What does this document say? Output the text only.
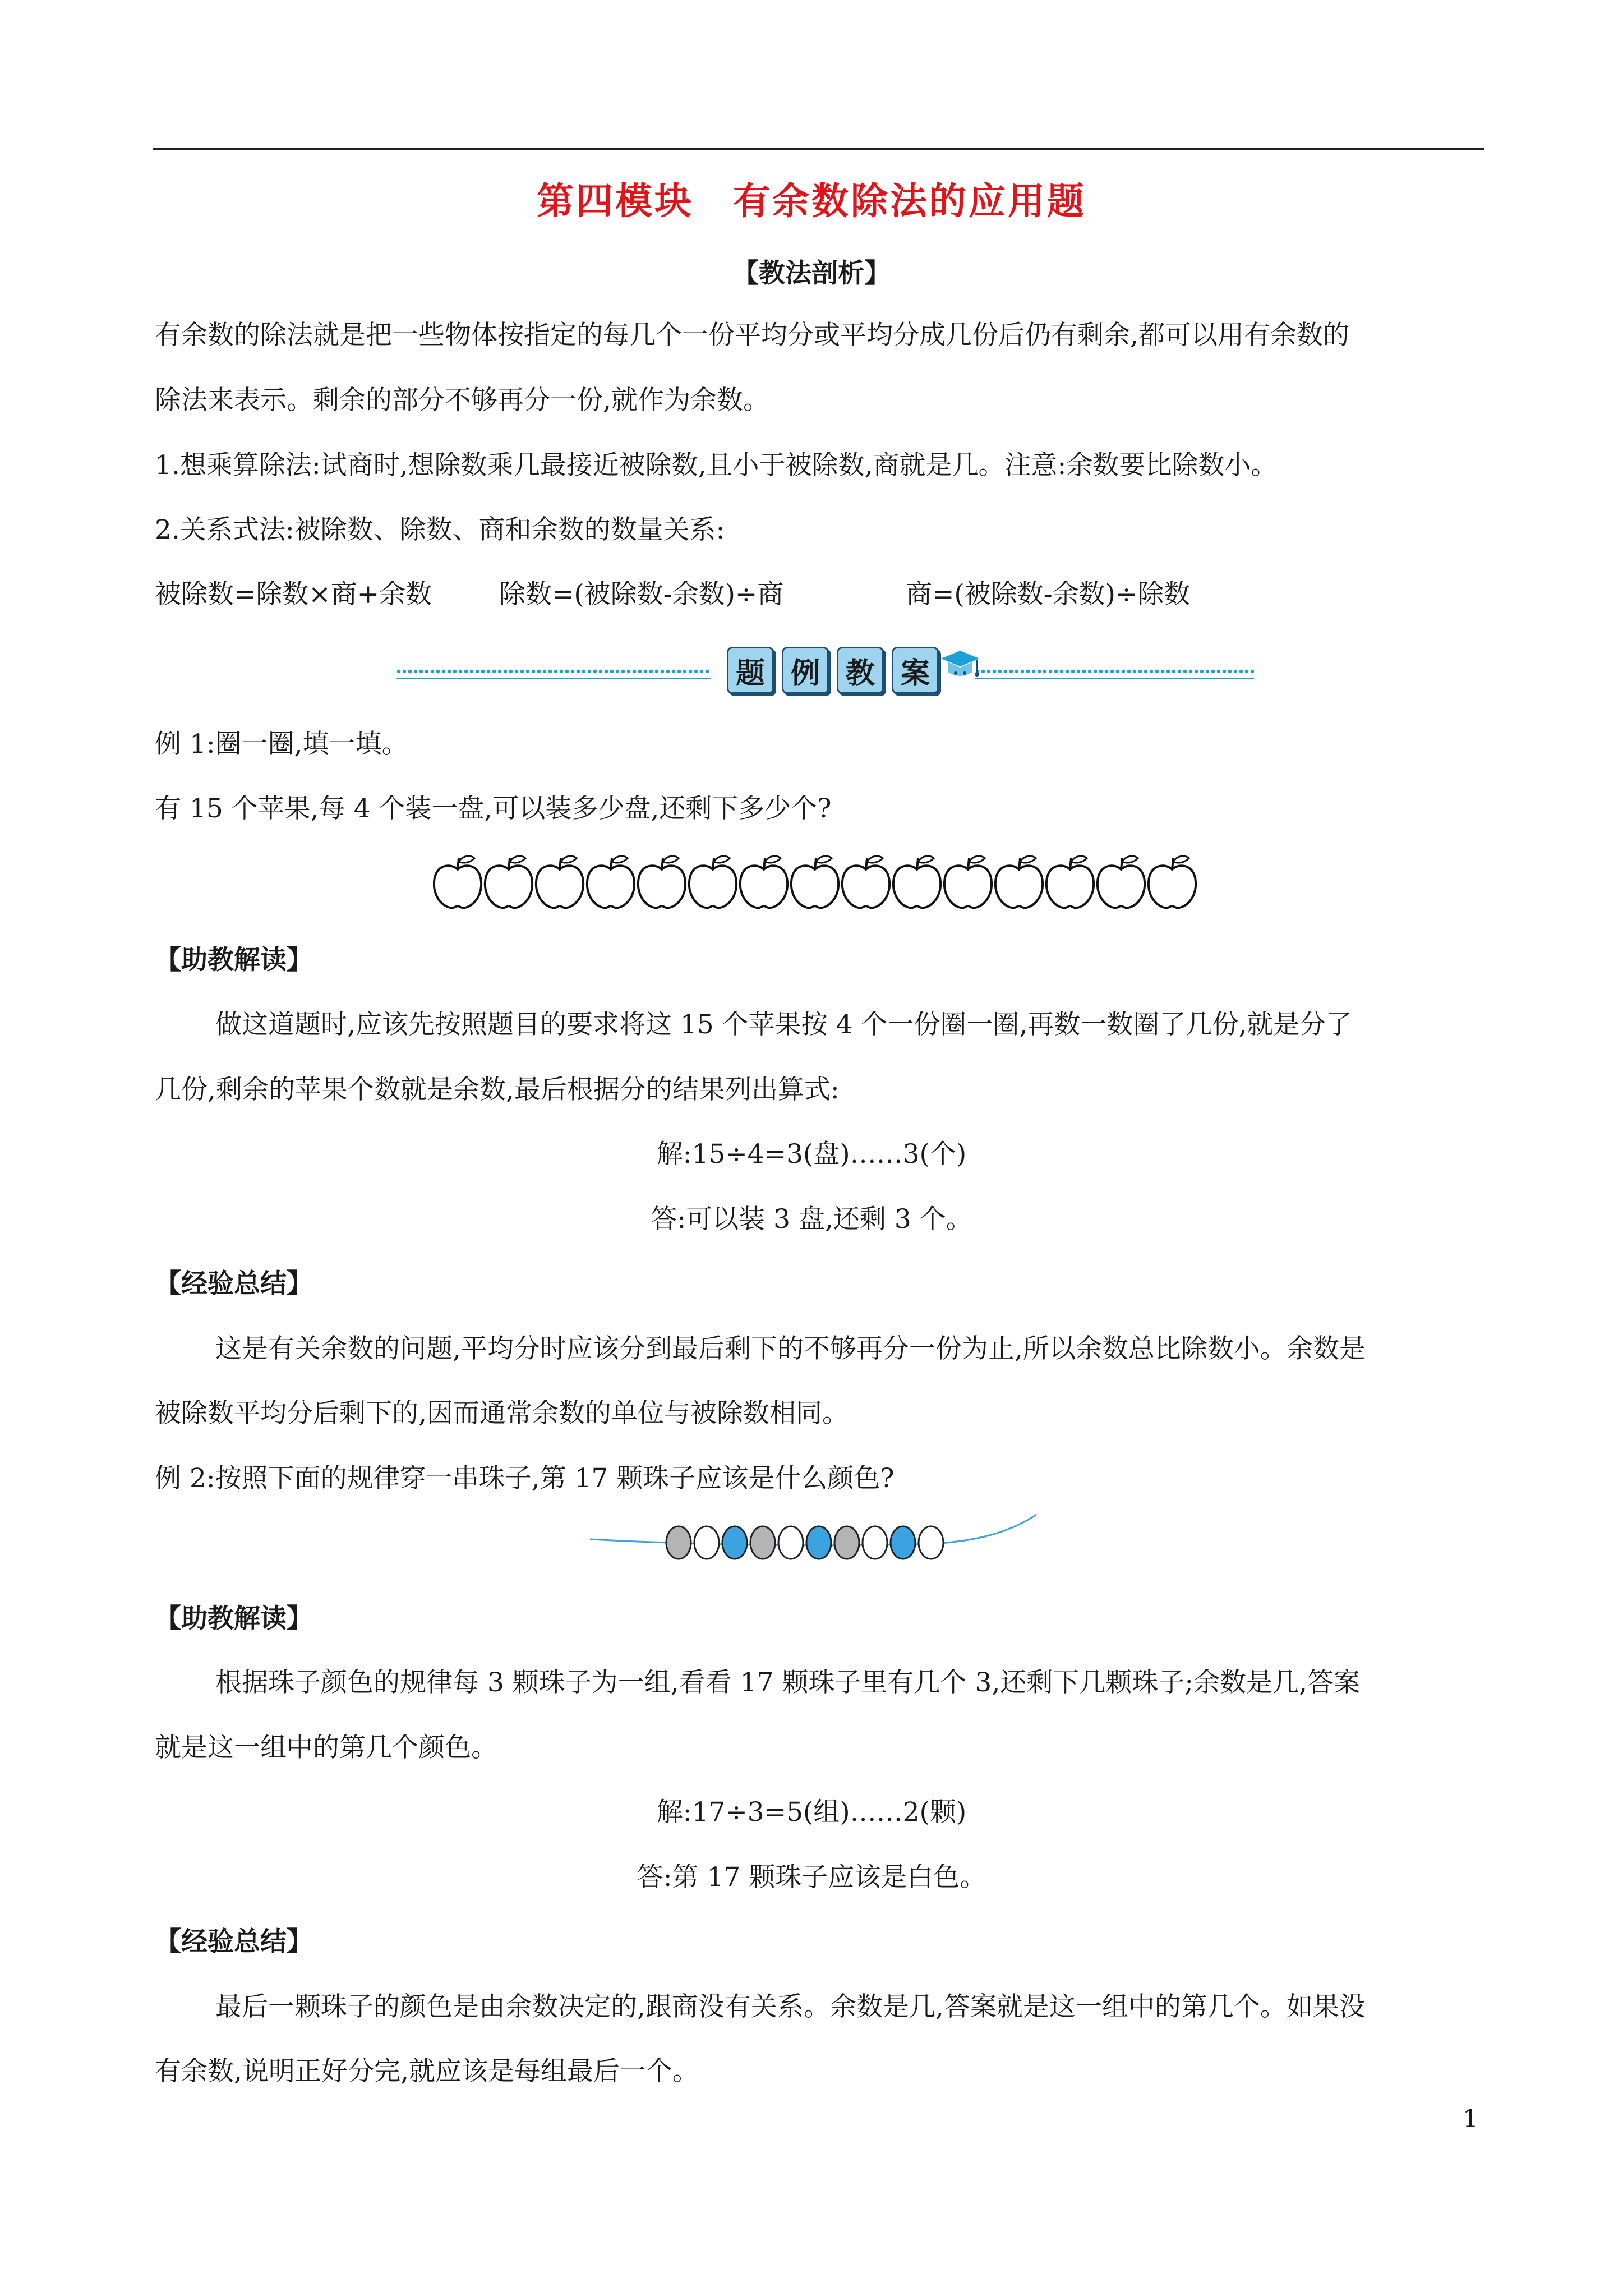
第四模块　有余数除法的应用题
【教法剖析】
有余数的除法就是把一些物体按指定的每几个一份平均分或平均分成几份后仍有剩余,都可以用有余数的
除法来表示。剩余的部分不够再分一份,就作为余数。
1.想乘算除法:试商时,想除数乘几最接近被除数,且小于被除数,商就是几。注意:余数要比除数小。
2.关系式法:被除数、除数、商和余数的数量关系:
被除数=除数×商+余数	除数=(被除数-余数)÷商	商=(被除数-余数)÷除数
题 例 教 案
例 1:圈一圈,填一填。
有 15 个苹果,每 4 个装一盘,可以装多少盘,还剩下多少个?
【助教解读】
做这道题时,应该先按照题目的要求将这 15 个苹果按 4 个一份圈一圈,再数一数圈了几份,就是分了
几份,剩余的苹果个数就是余数,最后根据分的结果列出算式:
解:15÷4=3(盘)……3(个)
答:可以装 3 盘,还剩 3 个。
【经验总结】
这是有关余数的问题,平均分时应该分到最后剩下的不够再分一份为止,所以余数总比除数小。余数是
被除数平均分后剩下的,因而通常余数的单位与被除数相同。
例 2:按照下面的规律穿一串珠子,第 17 颗珠子应该是什么颜色?
【助教解读】
根据珠子颜色的规律每 3 颗珠子为一组,看看 17 颗珠子里有几个 3,还剩下几颗珠子;余数是几,答案
就是这一组中的第几个颜色。
解:17÷3=5(组)……2(颗)
答:第 17 颗珠子应该是白色。
【经验总结】
最后一颗珠子的颜色是由余数决定的,跟商没有关系。余数是几,答案就是这一组中的第几个。如果没
有余数,说明正好分完,就应该是每组最后一个。
1
